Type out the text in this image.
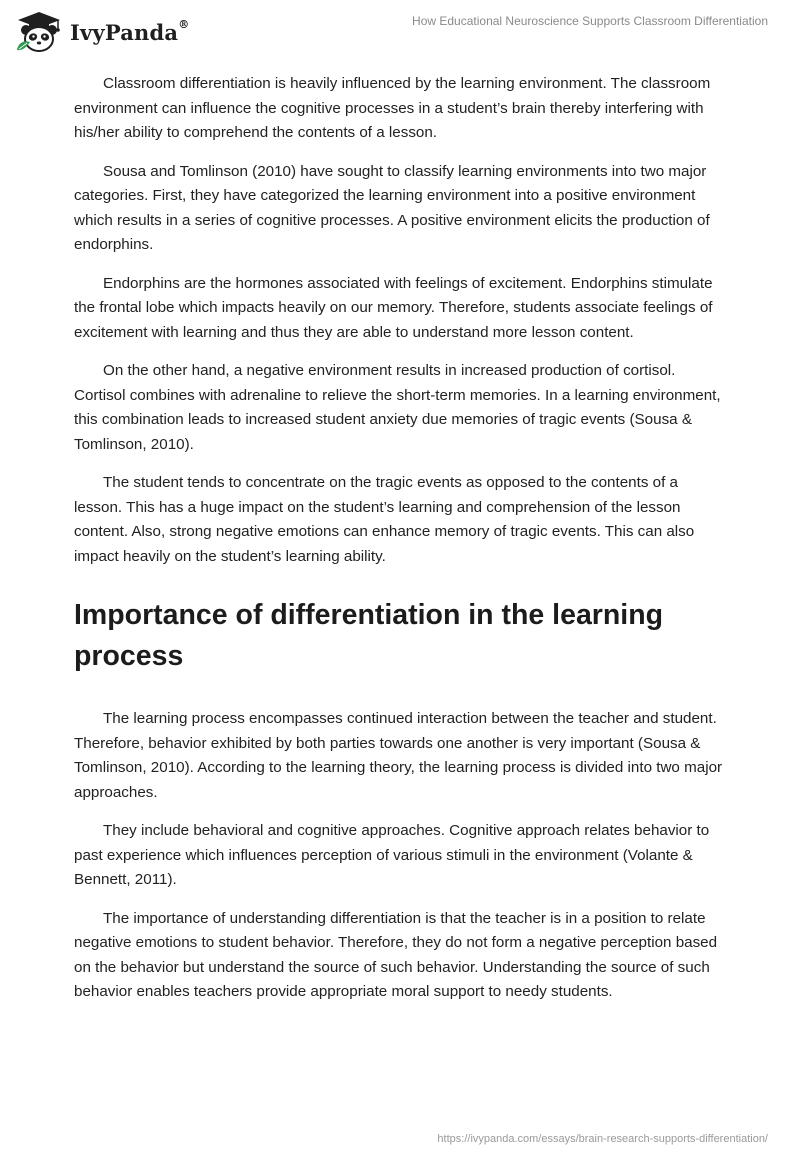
IvyPanda®	How Educational Neuroscience Supports Classroom Differentiation

Classroom differentiation is heavily influenced by the learning environment. The classroom environment can influence the cognitive processes in a student’s brain thereby interfering with his/her ability to comprehend the contents of a lesson.

Sousa and Tomlinson (2010) have sought to classify learning environments into two major categories. First, they have categorized the learning environment into a positive environment which results in a series of cognitive processes. A positive environment elicits the production of endorphins.

Endorphins are the hormones associated with feelings of excitement. Endorphins stimulate the frontal lobe which impacts heavily on our memory. Therefore, students associate feelings of excitement with learning and thus they are able to understand more lesson content.

On the other hand, a negative environment results in increased production of cortisol. Cortisol combines with adrenaline to relieve the short-term memories. In a learning environment, this combination leads to increased student anxiety due memories of tragic events (Sousa & Tomlinson, 2010).

The student tends to concentrate on the tragic events as opposed to the contents of a lesson. This has a huge impact on the student’s learning and comprehension of the lesson content. Also, strong negative emotions can enhance memory of tragic events. This can also impact heavily on the student’s learning ability.

Importance of differentiation in the learning process

The learning process encompasses continued interaction between the teacher and student. Therefore, behavior exhibited by both parties towards one another is very important (Sousa & Tomlinson, 2010). According to the learning theory, the learning process is divided into two major approaches.

They include behavioral and cognitive approaches. Cognitive approach relates behavior to past experience which influences perception of various stimuli in the environment (Volante & Bennett, 2011).

The importance of understanding differentiation is that the teacher is in a position to relate negative emotions to student behavior. Therefore, they do not form a negative perception based on the behavior but understand the source of such behavior. Understanding the source of such behavior enables teachers provide appropriate moral support to needy students.

https://ivypanda.com/essays/brain-research-supports-differentiation/
